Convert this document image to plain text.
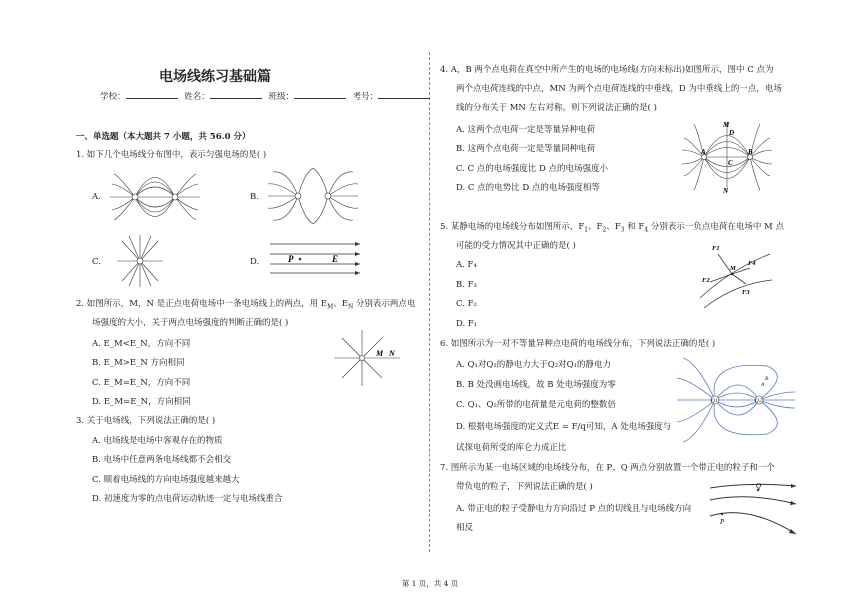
电场线练习基础篇
学校：	姓名：	班级：	考号：
一、单选题（本大题共 7 小题，共 56.0 分）
1. 如下几个电场线分布图中，表示匀强电场的是( )
A.	B.
C.	D.	P	E
2. 如图所示，M，N 是正点电荷电场中一条电场线上的两点，用 $E_M$、$E_N$ 分别表示两点电
场强度的大小，关于两点电场强度的判断正确的是( )
A. E_M<E_N，方向不同
B. E_M>E_N 方向相同
C. E_M=E_N，方向不同
D. E_M=E_N，方向相同
M N
3. 关于电场线，下列说法正确的是( )
A. 电场线是电场中客观存在的物质
B. 电场中任意两条电场线都不会相交
C. 顺着电场线的方向电场强度越来越大
D. 初速度为零的点电荷运动轨迹一定与电场线重合
4. A，B 两个点电荷在真空中所产生的电场的电场线(方向未标出)如图所示，图中 C 点为
两个点电荷连线的中点，MN 为两个点电荷连线的中垂线，D 为中垂线上的一点，电场
线的分布关于 MN 左右对称。则下列说法正确的是( )
A. 这两个点电荷一定是等量异种电荷
B. 这两个点电荷一定是等量同种电荷
C. C 点的电场强度比 D 点的电场强度小
D. C 点的电势比 D 点的电场强度相等
M
D
A
C
B
N
5. 某静电场的电场线分布如图所示，$F_1$、$F_2$、$F_3$ 和 $F_4$ 分别表示一负点电荷在电场中 M 点
可能的受力情况其中正确的是( )
A. F₄
B. F₃
C. F₂
D. F₁
F1
F2
M
F3
F4
6. 如图所示为一对不等量异种点电荷的电场线分布，下列说法正确的是( )
A. Q₁对Q₂的静电力大于Q₂对Q₁的静电力
B. B 处没画电场线，故 B 处电场强度为零
C. Q₁、Q₂所带的电荷量是元电荷的整数倍
D. 根据电场强度的定义式E = F/q可知，A 处电场强度与
试探电荷所受的库仑力成正比
Q1	Q2
A
B
7. 图所示为某一电场区域的电场线分布，在 P、Q 两点分别放置一个带正电的粒子和一个
带负电的粒子，下列说法正确的是( )
A. 带正电的粒子受静电力方向沿过 P 点的切线且与电场线方向
相反
Q
P
第 1 页，共 4 页
